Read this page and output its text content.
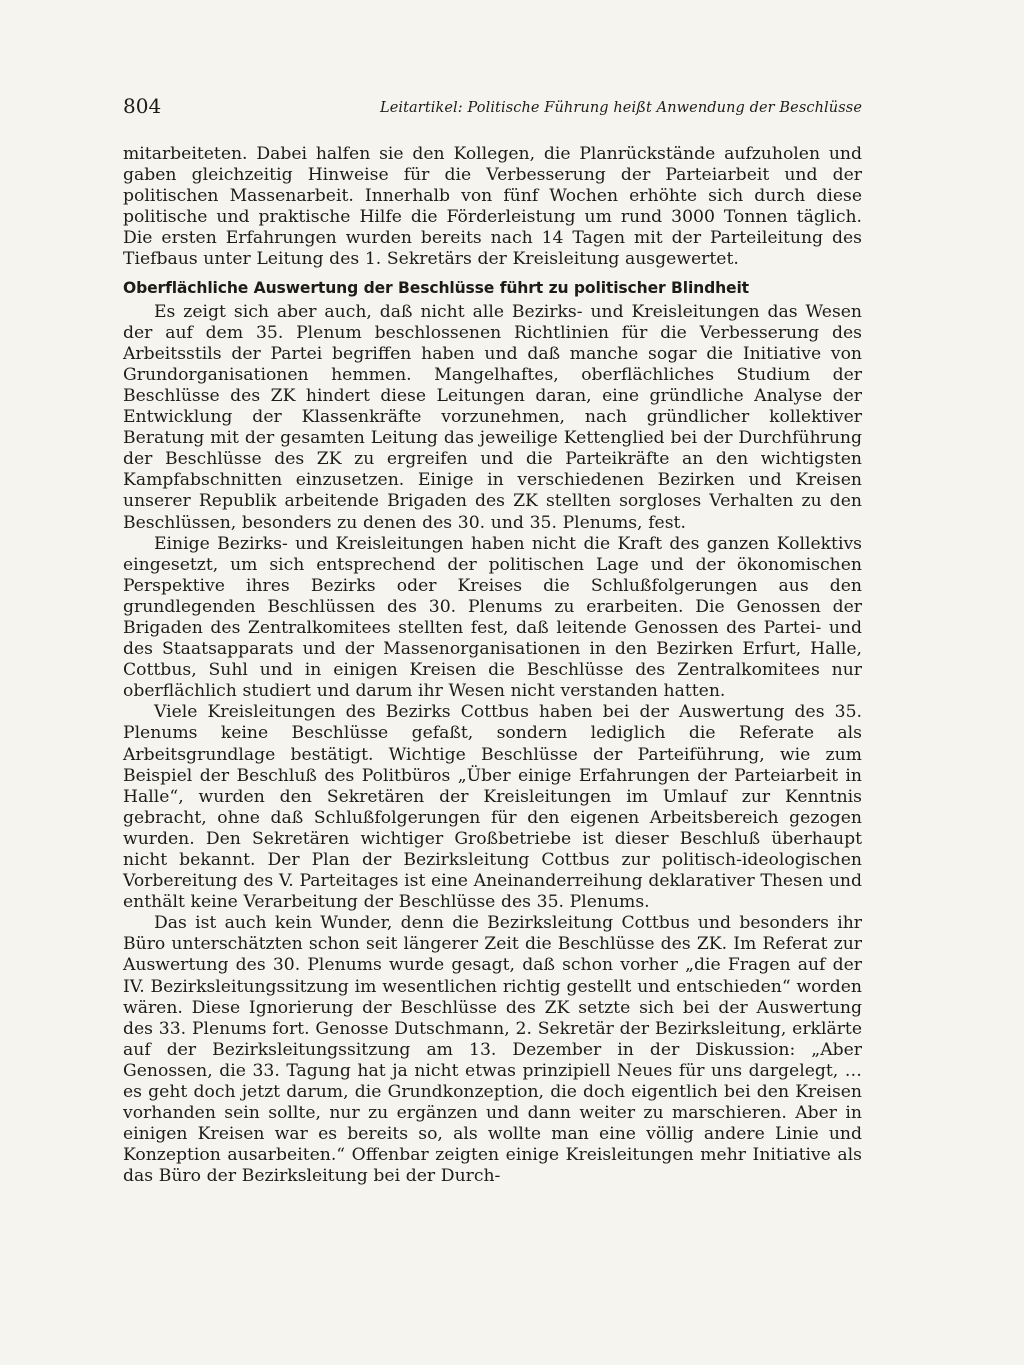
804	Leitartikel: Politische Führung heißt Anwendung der Beschlüsse

mitarbeiteten. Dabei halfen sie den Kollegen, die Planrückstände aufzuholen und gaben gleichzeitig Hinweise für die Verbesserung der Parteiarbeit und der politischen Massenarbeit. Innerhalb von fünf Wochen erhöhte sich durch diese politische und praktische Hilfe die Förderleistung um rund 3000 Tonnen täglich. Die ersten Erfahrungen wurden bereits nach 14 Tagen mit der Parteileitung des Tiefbaus unter Leitung des 1. Sekretärs der Kreisleitung ausgewertet.

Oberflächliche Auswertung der Beschlüsse führt zu politischer Blindheit

Es zeigt sich aber auch, daß nicht alle Bezirks- und Kreisleitungen das Wesen der auf dem 35. Plenum beschlossenen Richtlinien für die Verbesserung des Arbeitsstils der Partei begriffen haben und daß manche sogar die Initiative von Grundorganisationen hemmen. Mangelhaftes, oberflächliches Studium der Beschlüsse des ZK hindert diese Leitungen daran, eine gründliche Analyse der Entwicklung der Klassenkräfte vorzunehmen, nach gründlicher kollektiver Beratung mit der gesamten Leitung das jeweilige Kettenglied bei der Durchführung der Beschlüsse des ZK zu ergreifen und die Parteikräfte an den wichtigsten Kampfabschnitten einzusetzen. Einige in verschiedenen Bezirken und Kreisen unserer Republik arbeitende Brigaden des ZK stellten sorgloses Verhalten zu den Beschlüssen, besonders zu denen des 30. und 35. Plenums, fest.

Einige Bezirks- und Kreisleitungen haben nicht die Kraft des ganzen Kollektivs eingesetzt, um sich entsprechend der politischen Lage und der ökonomischen Perspektive ihres Bezirks oder Kreises die Schlußfolgerungen aus den grundlegenden Beschlüssen des 30. Plenums zu erarbeiten. Die Genossen der Brigaden des Zentralkomitees stellten fest, daß leitende Genossen des Partei- und des Staatsapparats und der Massenorganisationen in den Bezirken Erfurt, Halle, Cottbus, Suhl und in einigen Kreisen die Beschlüsse des Zentralkomitees nur oberflächlich studiert und darum ihr Wesen nicht verstanden hatten.

Viele Kreisleitungen des Bezirks Cottbus haben bei der Auswertung des 35. Plenums keine Beschlüsse gefaßt, sondern lediglich die Referate als Arbeitsgrundlage bestätigt. Wichtige Beschlüsse der Parteiführung, wie zum Beispiel der Beschluß des Politbüros „Über einige Erfahrungen der Parteiarbeit in Halle“, wurden den Sekretären der Kreisleitungen im Umlauf zur Kenntnis gebracht, ohne daß Schlußfolgerungen für den eigenen Arbeitsbereich gezogen wurden. Den Sekretären wichtiger Großbetriebe ist dieser Beschluß überhaupt nicht bekannt. Der Plan der Bezirksleitung Cottbus zur politisch-ideologischen Vorbereitung des V. Parteitages ist eine Aneinanderreihung deklarativer Thesen und enthält keine Verarbeitung der Beschlüsse des 35. Plenums.

Das ist auch kein Wunder, denn die Bezirksleitung Cottbus und besonders ihr Büro unterschätzten schon seit längerer Zeit die Beschlüsse des ZK. Im Referat zur Auswertung des 30. Plenums wurde gesagt, daß schon vorher „die Fragen auf der IV. Bezirksleitungssitzung im wesentlichen richtig gestellt und entschieden“ worden wären. Diese Ignorierung der Beschlüsse des ZK setzte sich bei der Auswertung des 33. Plenums fort. Genosse Dutschmann, 2. Sekretär der Bezirksleitung, erklärte auf der Bezirksleitungssitzung am 13. Dezember in der Diskussion: „Aber Genossen, die 33. Tagung hat ja nicht etwas prinzipiell Neues für uns dargelegt, … es geht doch jetzt darum, die Grundkonzeption, die doch eigentlich bei den Kreisen vorhanden sein sollte, nur zu ergänzen und dann weiter zu marschieren. Aber in einigen Kreisen war es bereits so, als wollte man eine völlig andere Linie und Konzeption ausarbeiten.“ Offenbar zeigten einige Kreisleitungen mehr Initiative als das Büro der Bezirksleitung bei der Durch-
